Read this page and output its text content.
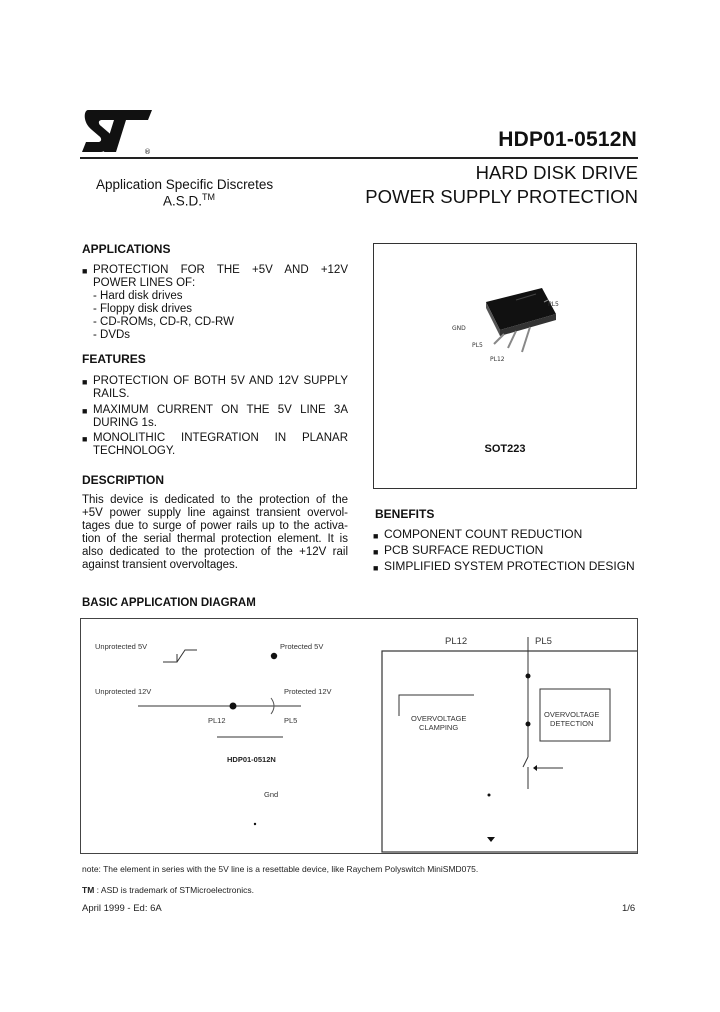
®
HDP01-0512N
Application Specific Discretes
A.S.D.™
HARD DISK DRIVE
POWER SUPPLY PROTECTION
APPLICATIONS
■ PROTECTION FOR THE +5V AND +12V
POWER LINES OF:
- Hard disk drives
- Floppy disk drives
- CD-ROMs, CD-R, CD-RW
- DVDs
FEATURES
■ PROTECTION OF BOTH 5V AND 12V SUPPLY
RAILS.
■ MAXIMUM CURRENT ON THE 5V LINE 3A
DURING 1s.
■ MONOLITHIC INTEGRATION IN PLANAR
TECHNOLOGY.
DESCRIPTION
This device is dedicated to the protection of the
+5V power supply line against transient overvol-
tages due to surge of power rails up to the activa-
tion of the serial thermal protection element. It is
also dedicated to the protection of the +12V rail
against transient overvoltages.
PL5
GND
PL5
PL12
SOT223
BENEFITS
■ COMPONENT COUNT REDUCTION
■ PCB SURFACE REDUCTION
■ SIMPLIFIED SYSTEM PROTECTION DESIGN
BASIC APPLICATION DIAGRAM
Unprotected 5V	Protected 5V
Unprotected 12V	Protected 12V
PL12	PL5
HDP01-0512N
Gnd
PL12	PL5
OVERVOLTAGE
CLAMPING
OVERVOLTAGE
DETECTION
note: The element in series with the 5V line is a resettable device, like Raychem Polyswitch MiniSMD075.
TM : ASD is trademark of STMicroelectronics.
April 1999 - Ed: 6A	1/6
